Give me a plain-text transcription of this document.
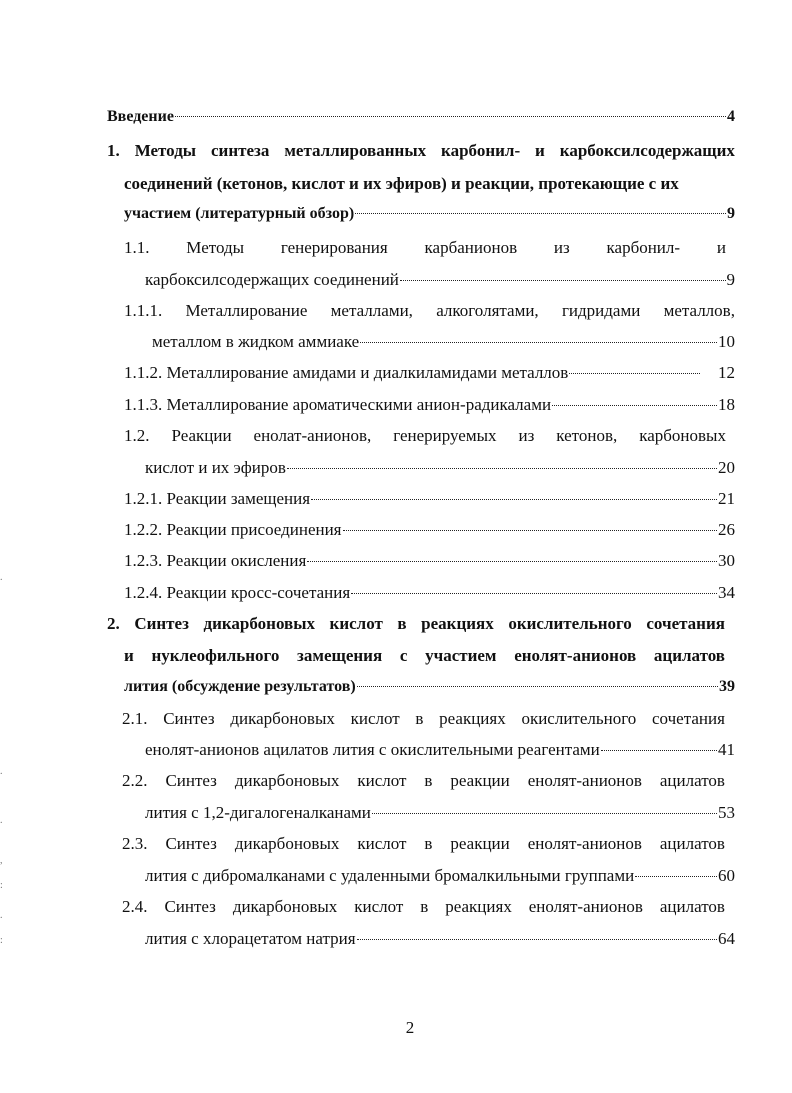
Введение	4
1. Методы синтеза металлированных карбонил- и карбоксилсодержащих
соединений (кетонов, кислот и их эфиров) и реакции, протекающие с их
участием (литературный обзор)	9
1.1. Методы генерирования карбанионов из карбонил- и
карбоксилсодержащих соединений	9
1.1.1. Металлирование металлами, алкоголятами, гидридами металлов,
металлом в жидком аммиаке	10
1.1.2. Металлирование амидами и диалкиламидами металлов	12
1.1.3. Металлирование ароматическими анион-радикалами	18
1.2. Реакции енолат-анионов, генерируемых из кетонов, карбоновых
кислот и их эфиров	20
1.2.1. Реакции замещения	21
1.2.2. Реакции присоединения	26
1.2.3. Реакции окисления	30
1.2.4. Реакции кросс-сочетания	34
2. Синтез дикарбоновых кислот в реакциях окислительного сочетания
и нуклеофильного замещения с участием енолят-анионов ацилатов
лития (обсуждение результатов)	39
2.1. Синтез дикарбоновых кислот в реакциях окислительного сочетания
енолят-анионов ацилатов лития с окислительными реагентами	41
2.2. Синтез дикарбоновых кислот в реакции енолят-анионов ацилатов
лития с 1,2-дигалогеналканами	53
2.3. Синтез дикарбоновых кислот в реакции енолят-анионов ацилатов
лития с дибромалканами с удаленными бромалкильными группами	60
2.4. Синтез дикарбоновых кислот в реакциях енолят-анионов ацилатов
лития с хлорацетатом натрия	64
2
.
.
.
,
:
.
:
